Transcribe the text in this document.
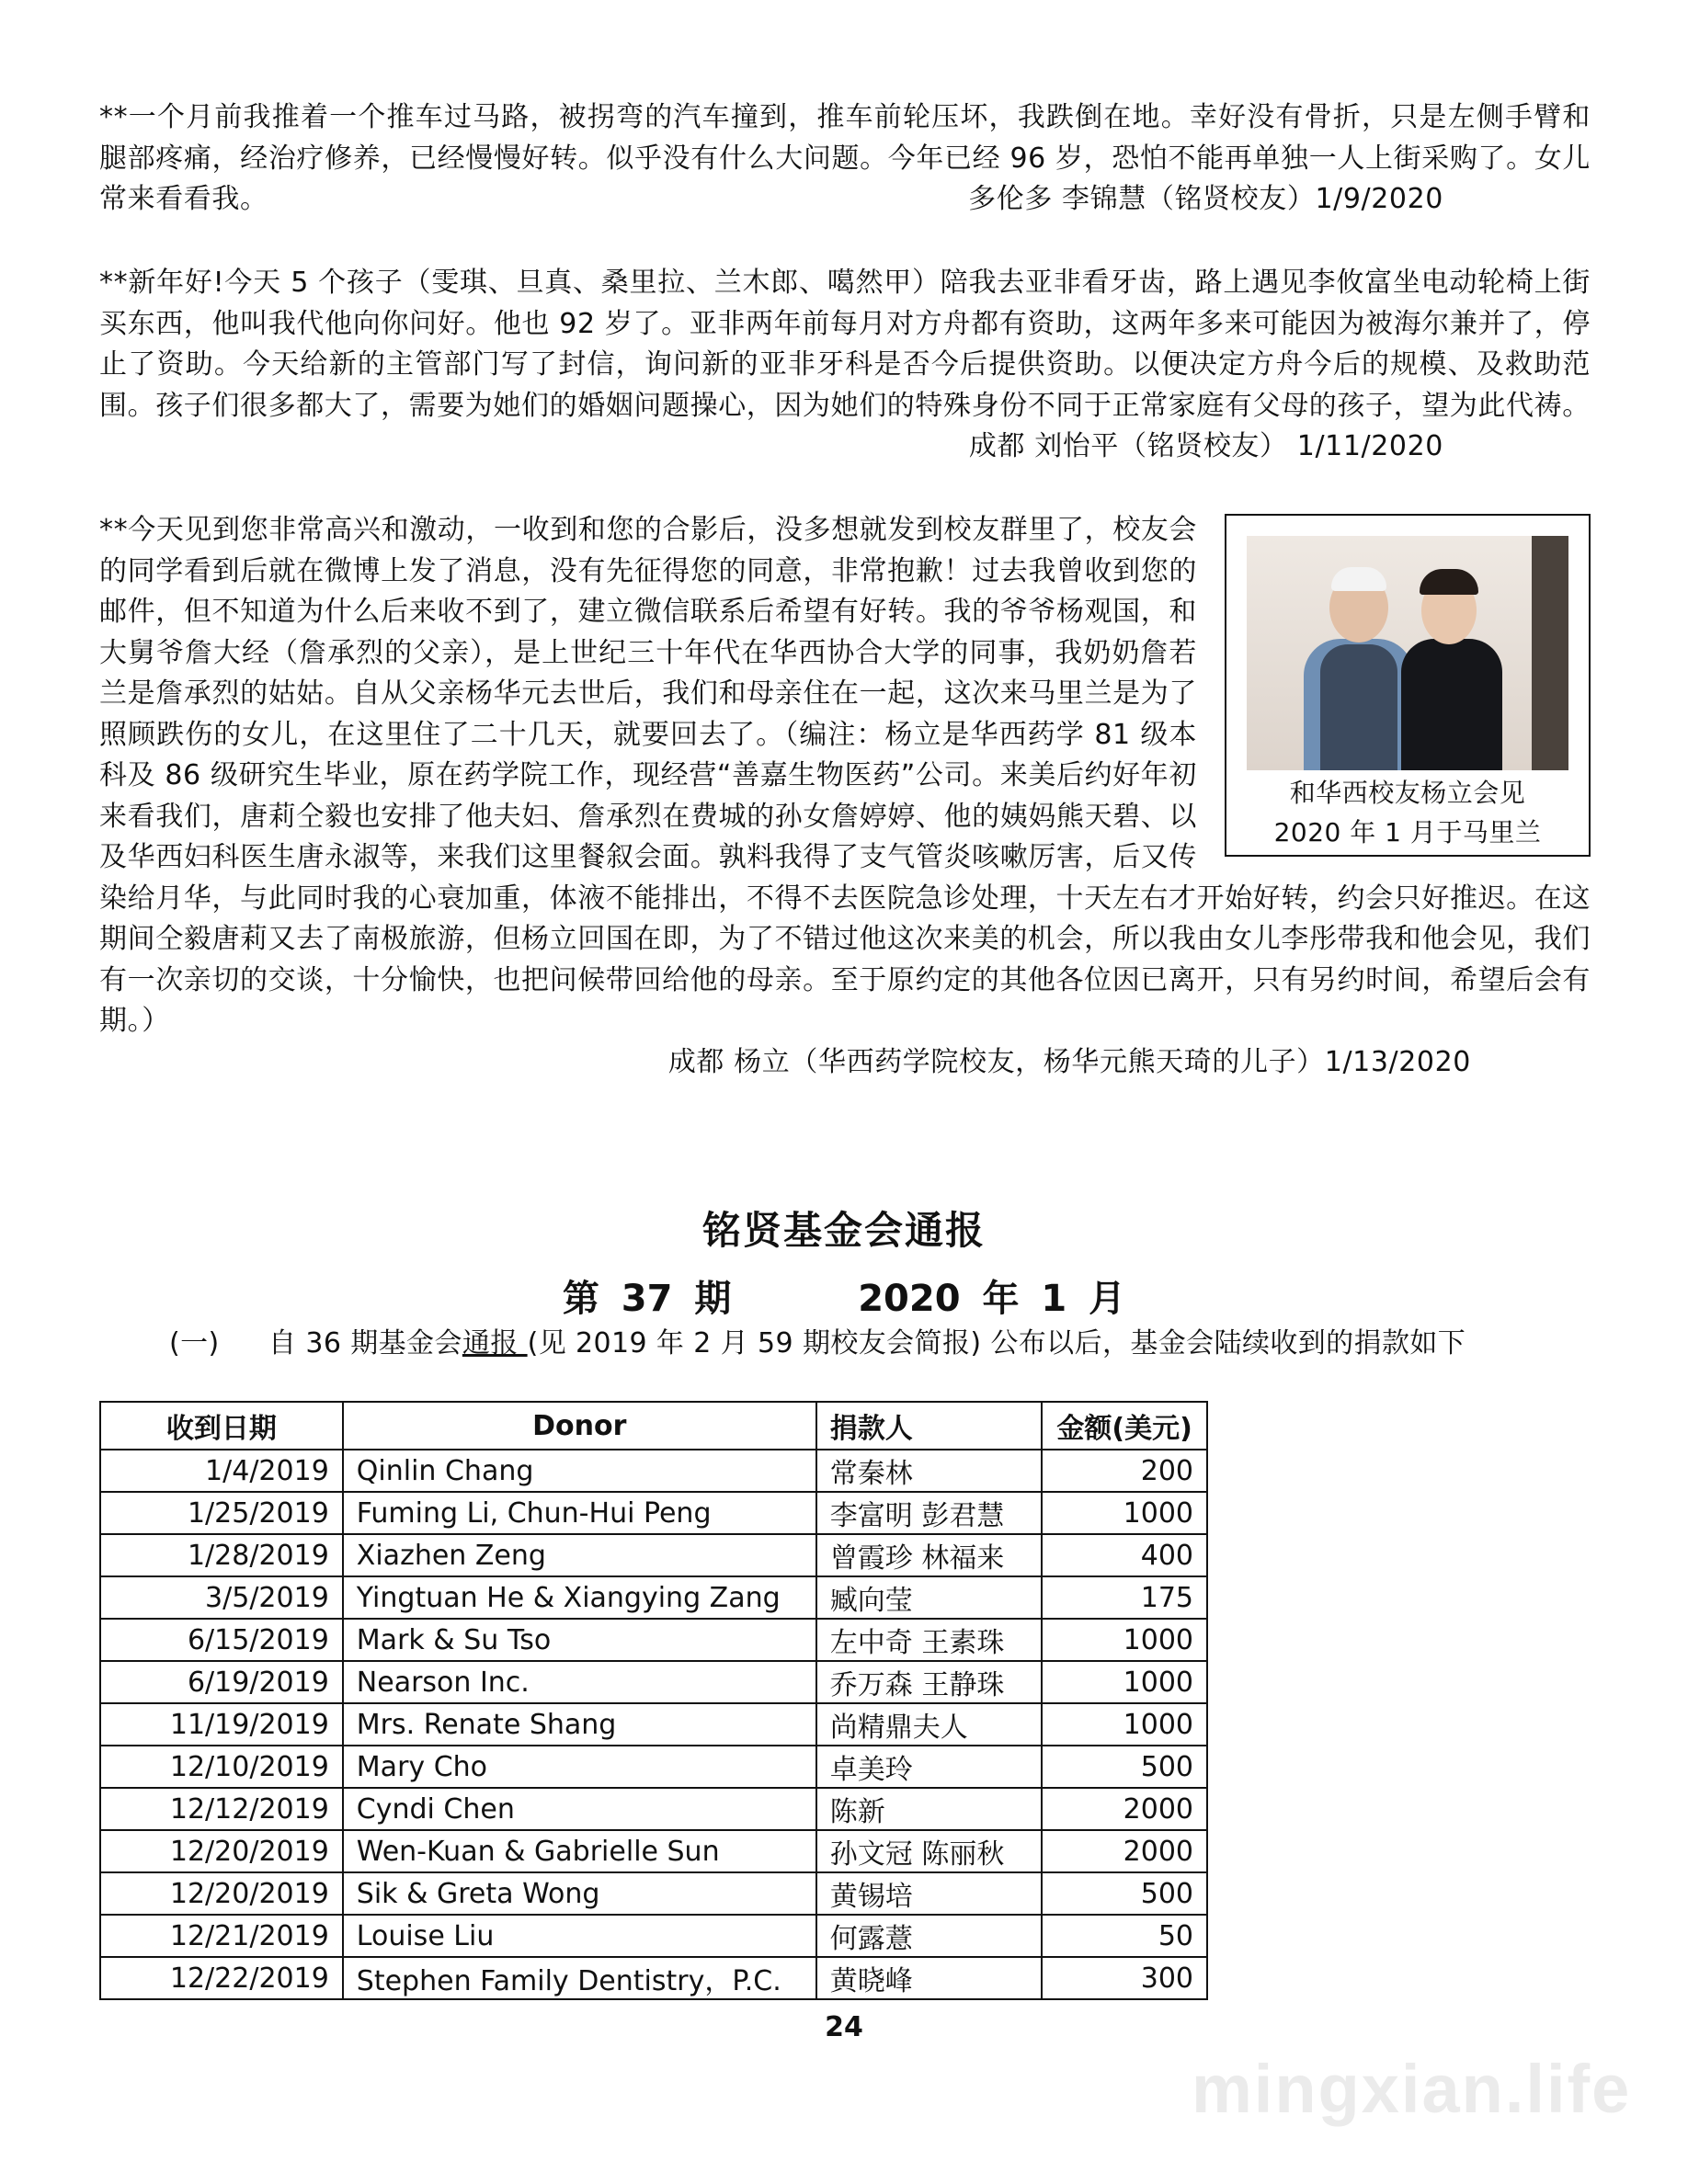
**一个月前我推着一个推车过马路，被拐弯的汽车撞到，推车前轮压坏，我跌倒在地。幸好没有骨折，只是左侧手臂和腿部疼痛，经治疗修养，已经慢慢好转。似乎没有什么大问题。今年已经 96 岁，恐怕不能再单独一人上街采购了。女儿常来看看我。	多伦多 李锦慧（铭贤校友）1/9/2020
**新年好!今天 5 个孩子（雯琪、旦真、桑里拉、兰木郎、噶然甲）陪我去亚非看牙齿，路上遇见李攸富坐电动轮椅上街买东西，他叫我代他向你问好。他也 92 岁了。亚非两年前每月对方舟都有资助，这两年多来可能因为被海尔兼并了，停止了资助。今天给新的主管部门写了封信，询问新的亚非牙科是否今后提供资助。以便决定方舟今后的规模、及救助范围。孩子们很多都大了，需要为她们的婚姻问题操心，因为她们的特殊身份不同于正常家庭有父母的孩子，望为此代祷。
成都 刘怡平（铭贤校友） 1/11/2020
和华西校友杨立会见
2020 年 1 月于马里兰
**今天见到您非常高兴和激动，一收到和您的合影后，没多想就发到校友群里了，校友会的同学看到后就在微博上发了消息，没有先征得您的同意，非常抱歉！过去我曾收到您的邮件，但不知道为什么后来收不到了，建立微信联系后希望有好转。我的爷爷杨观国，和大舅爷詹大经（詹承烈的父亲），是上世纪三十年代在华西协合大学的同事，我奶奶詹若兰是詹承烈的姑姑。自从父亲杨华元去世后，我们和母亲住在一起，这次来马里兰是为了照顾跌伤的女儿，在这里住了二十几天，就要回去了。（编注：杨立是华西药学 81 级本科及 86 级研究生毕业，原在药学院工作，现经营“善嘉生物医药”公司。来美后约好年初来看我们，唐莉仝毅也安排了他夫妇、詹承烈在费城的孙女詹婷婷、他的姨妈熊天碧、以及华西妇科医生唐永淑等，来我们这里餐叙会面。孰料我得了支气管炎咳嗽厉害，后又传染给月华，与此同时我的心衰加重，体液不能排出，不得不去医院急诊处理，十天左右才开始好转，约会只好推迟。在这期间仝毅唐莉又去了南极旅游，但杨立回国在即，为了不错过他这次来美的机会，所以我由女儿李彤带我和他会见，我们有一次亲切的交谈，十分愉快，也把问候带回给他的母亲。至于原约定的其他各位因已离开，只有另约时间，希望后会有期。）
成都 杨立（华西药学院校友，杨华元熊天琦的儿子）1/13/2020
铭贤基金会通报
第 37 期	2020 年 1 月
(一) 自 36 期基金会通报 (见 2019 年 2 月 59 期校友会简报) 公布以后，基金会陆续收到的捐款如下
收到日期	Donor	捐款人	金额(美元)
1/4/2019	Qinlin Chang	常秦林	200
1/25/2019	Fuming Li, Chun-Hui Peng	李富明 彭君慧	1000
1/28/2019	Xiazhen Zeng	曾霞珍 林福来	400
3/5/2019	Yingtuan He & Xiangying Zang	臧向莹	175
6/15/2019	Mark & Su Tso	左中奇 王素珠	1000
6/19/2019	Nearson Inc.	乔万森 王静珠	1000
11/19/2019	Mrs. Renate Shang	尚精鼎夫人	1000
12/10/2019	Mary Cho	卓美玲	500
12/12/2019	Cyndi Chen	陈新	2000
12/20/2019	Wen-Kuan & Gabrielle Sun	孙文冠 陈丽秋	2000
12/20/2019	Sik & Greta Wong	黄锡培	500
12/21/2019	Louise Liu	何露薏	50
12/22/2019	Stephen Family Dentistry，P.C.	黄晓峰	300
24
mingxian.life
